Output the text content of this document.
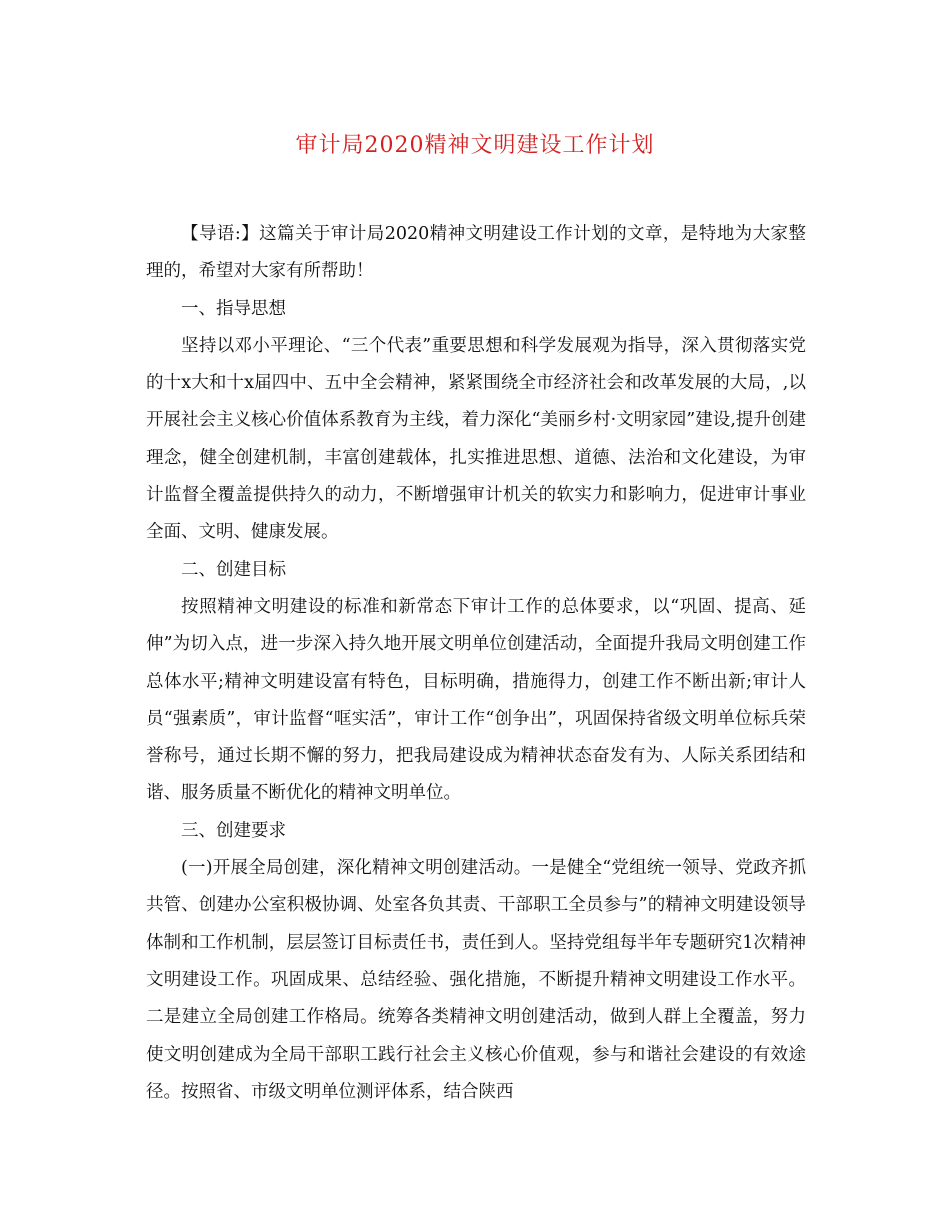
审计局2020精神文明建设工作计划

【导语:】这篇关于审计局2020精神文明建设工作计划的文章，是特地为大家整理的，希望对大家有所帮助！

一、指导思想

坚持以邓小平理论、“三个代表”重要思想和科学发展观为指导，深入贯彻落实党的十x大和十x届四中、五中全会精神，紧紧围绕全市经济社会和改革发展的大局，,以开展社会主义核心价值体系教育为主线，着力深化“美丽乡村·文明家园”建设,提升创建理念，健全创建机制，丰富创建载体，扎实推进思想、道德、法治和文化建设，为审计监督全覆盖提供持久的动力，不断增强审计机关的软实力和影响力，促进审计事业全面、文明、健康发展。

二、创建目标

按照精神文明建设的标准和新常态下审计工作的总体要求，以“巩固、提高、延伸”为切入点，进一步深入持久地开展文明单位创建活动，全面提升我局文明创建工作总体水平;精神文明建设富有特色，目标明确，措施得力，创建工作不断出新;审计人员“强素质”，审计监督“哐实活”，审计工作“创争出”，巩固保持省级文明单位标兵荣誉称号，通过长期不懈的努力，把我局建设成为精神状态奋发有为、人际关系团结和谐、服务质量不断优化的精神文明单位。

三、创建要求

(一)开展全局创建，深化精神文明创建活动。一是健全“党组统一领导、党政齐抓共管、创建办公室积极协调、处室各负其责、干部职工全员参与”的精神文明建设领导体制和工作机制，层层签订目标责任书，责任到人。坚持党组每半年专题研究1次精神文明建设工作。巩固成果、总结经验、强化措施，不断提升精神文明建设工作水平。二是建立全局创建工作格局。统筹各类精神文明创建活动，做到人群上全覆盖，努力使文明创建成为全局干部职工践行社会主义核心价值观，参与和谐社会建设的有效途径。按照省、市级文明单位测评体系，结合陕西
